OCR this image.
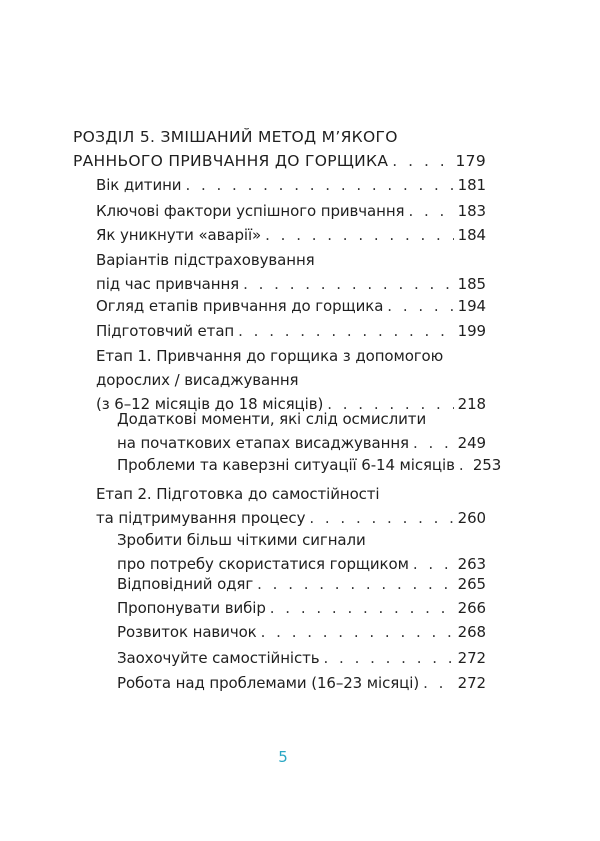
РОЗДІЛ 5. ЗМІШАНИЙ МЕТОД М’ЯКОГО
РАННЬОГО ПРИВЧАННЯ ДО ГОРЩИКА . . .	179
Вік дитини . . .	181
Ключові фактори успішного привчання . . .	183
Як уникнути «аварії» . . .	184
Варіантів підстраховування
під час привчання . . .	185
Огляд етапів привчання до горщика . . .	194
Підготовчий етап . . .	199
Етап 1. Привчання до горщика з допомогою
дорослих / висаджування
(з 6–12 місяців до 18 місяців) . . .	218
Додаткові моменти, які слід осмислити
на початкових етапах висаджування . . .	249
Проблеми та каверзні ситуації 6-14 місяців . . . 253
Етап 2. Підготовка до самостійності
та підтримування процесу . . .	260
Зробити більш чіткими сигнали
про потребу скористатися горщиком . . .	263
Відповідний одяг . . .	265
Пропонувати вибір . . .	266
Розвиток навичок . . .	268
Заохочуйте самостійність . . .	272
Робота над проблемами (16–23 місяці) . . .	272
5
